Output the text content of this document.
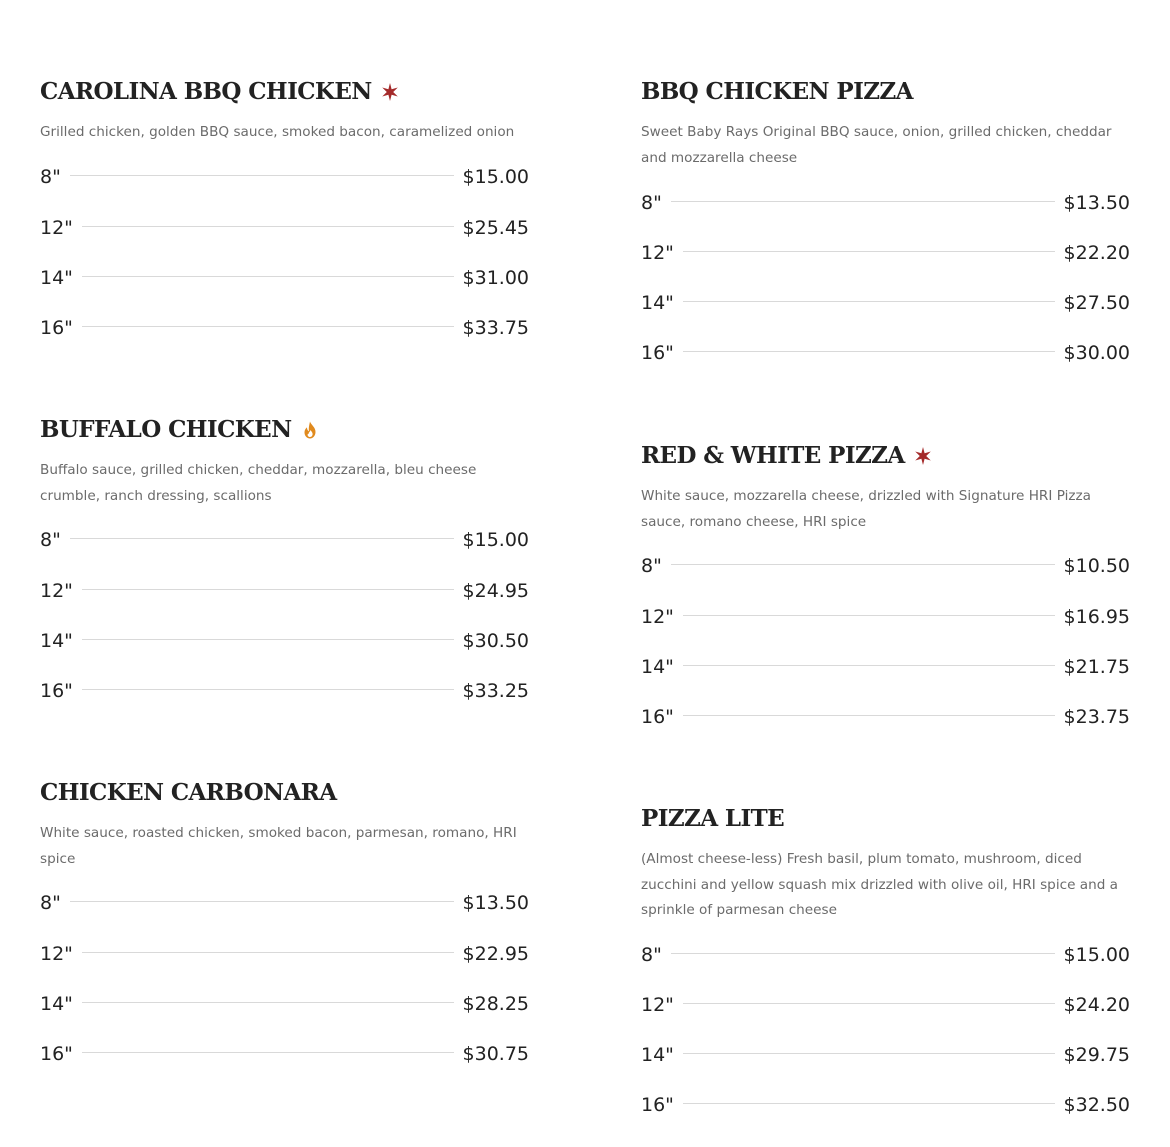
CAROLINA BBQ CHICKEN

Grilled chicken, golden BBQ sauce, smoked bacon, caramelized onion

8"	$15.00
12"	$25.45
14"	$31.00
16"	$33.75
BUFFALO CHICKEN

Buffalo sauce, grilled chicken, cheddar, mozzarella, bleu cheese crumble, ranch dressing, scallions

8"	$15.00
12"	$24.95
14"	$30.50
16"	$33.25
CHICKEN CARBONARA

White sauce, roasted chicken, smoked bacon, parmesan, romano, HRI spice

8"	$13.50
12"	$22.95
14"	$28.25
16"	$30.75
BBQ CHICKEN PIZZA

Sweet Baby Rays Original BBQ sauce, onion, grilled chicken, cheddar and mozzarella cheese

8"	$13.50
12"	$22.20
14"	$27.50
16"	$30.00
RED & WHITE PIZZA

White sauce, mozzarella cheese, drizzled with Signature HRI Pizza sauce, romano cheese, HRI spice

8"	$10.50
12"	$16.95
14"	$21.75
16"	$23.75
PIZZA LITE

(Almost cheese-less) Fresh basil, plum tomato, mushroom, diced zucchini and yellow squash mix drizzled with olive oil, HRI spice and a sprinkle of parmesan cheese

8"	$15.00
12"	$24.20
14"	$29.75
16"	$32.50
